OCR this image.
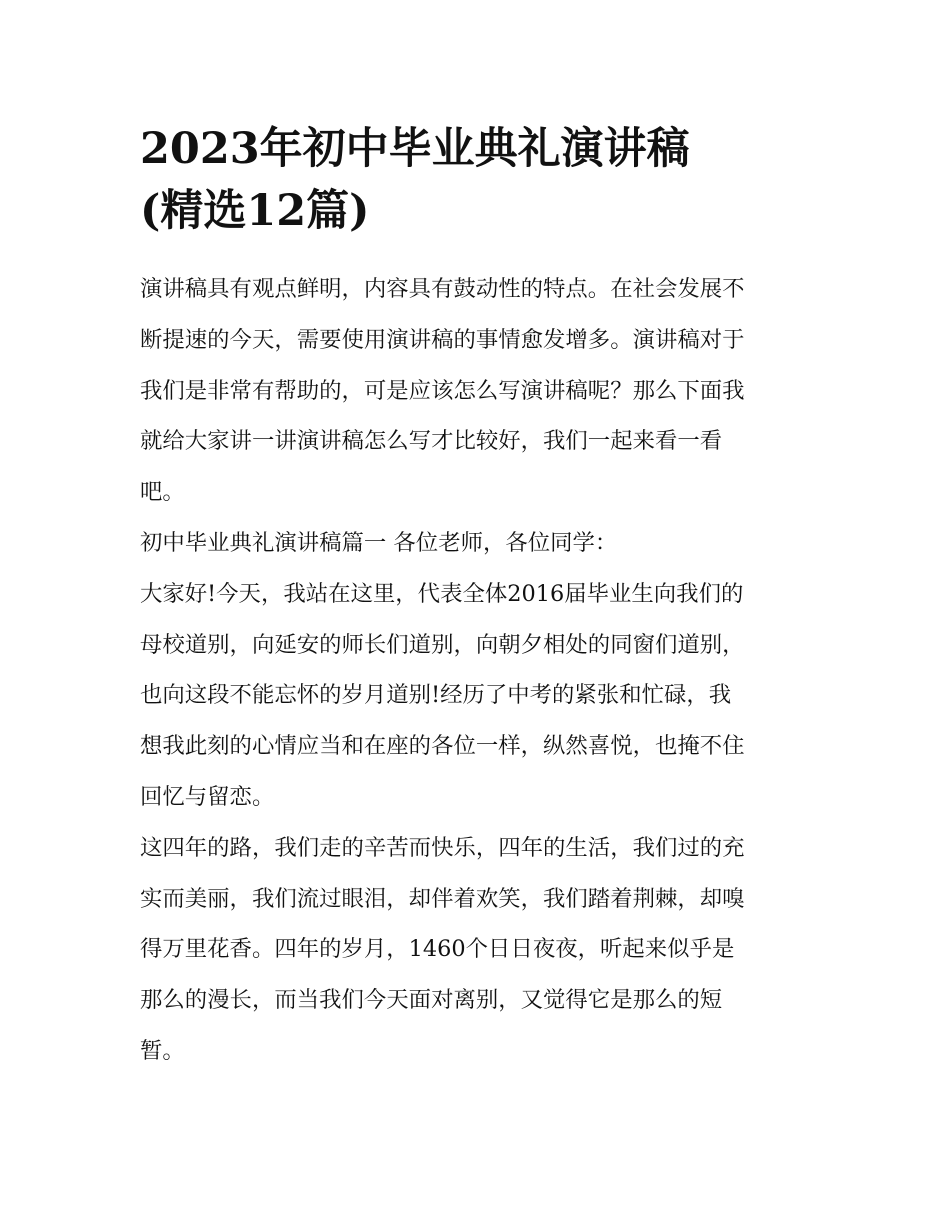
2023年初中毕业典礼演讲稿
(精选12篇)

演讲稿具有观点鲜明，内容具有鼓动性的特点。在社会发展不
断提速的今天，需要使用演讲稿的事情愈发增多。演讲稿对于
我们是非常有帮助的，可是应该怎么写演讲稿呢？那么下面我
就给大家讲一讲演讲稿怎么写才比较好，我们一起来看一看
吧。

初中毕业典礼演讲稿篇一 各位老师，各位同学：

大家好!今天，我站在这里，代表全体2016届毕业生向我们的
母校道别，向延安的师长们道别，向朝夕相处的同窗们道别，
也向这段不能忘怀的岁月道别!经历了中考的紧张和忙碌，我
想我此刻的心情应当和在座的各位一样，纵然喜悦，也掩不住
回忆与留恋。

这四年的路，我们走的辛苦而快乐，四年的生活，我们过的充
实而美丽，我们流过眼泪，却伴着欢笑，我们踏着荆棘，却嗅
得万里花香。四年的岁月，1460个日日夜夜，听起来似乎是
那么的漫长，而当我们今天面对离别，又觉得它是那么的短
暂。
